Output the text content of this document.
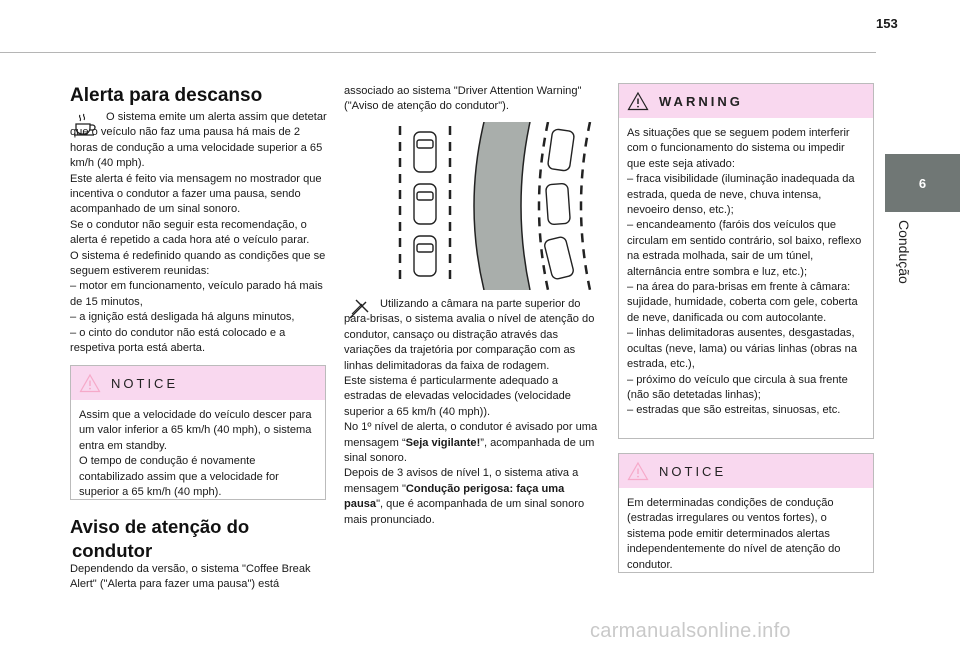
153
6
Condução
Alerta para descanso

O sistema emite um alerta assim que detetar que o veículo não faz uma pausa há mais de 2 horas de condução a uma velocidade superior a 65 km/h (40 mph).

Este alerta é feito via mensagem no mostrador que incentiva o condutor a fazer uma pausa, sendo acompanhado de um sinal sonoro.

Se o condutor não seguir esta recomendação, o alerta é repetido a cada hora até o veículo parar.

O sistema é redefinido quando as condições que se seguem estiverem reunidas:

– motor em funcionamento, veículo parado há mais de 15 minutos,

– a ignição está desligada há alguns minutos,

– o cinto do condutor não está colocado e a respetiva porta está aberta.

NOTICE

Assim que a velocidade do veículo descer para um valor inferior a 65 km/h (40 mph), o sistema entra em standby.

O tempo de condução é novamente contabilizado assim que a velocidade for superior a 65 km/h (40 mph).

Aviso de atenção do
condutor
Dependendo da versão, o sistema "Coffee Break Alert" ("Alerta para fazer uma pausa") está
associado ao sistema "Driver Attention Warning" ("Aviso de atenção do condutor").

Utilizando a câmara na parte superior do para-brisas, o sistema avalia o nível de atenção do condutor, cansaço ou distração através das variações da trajetória por comparação com as linhas delimitadoras da faixa de rodagem.

Este sistema é particularmente adequado a estradas de elevadas velocidades (velocidade superior a 65 km/h (40 mph)).

No 1º nível de alerta, o condutor é avisado por uma mensagem “Seja vigilante!”, acompanhada de um sinal sonoro.

Depois de 3 avisos de nível 1, o sistema ativa a mensagem "Condução perigosa: faça uma pausa", que é acompanhada de um sinal sonoro mais pronunciado.

WARNING

As situações que se seguem podem interferir com o funcionamento do sistema ou impedir que este seja ativado:

– fraca visibilidade (iluminação inadequada da estrada, queda de neve, chuva intensa, nevoeiro denso, etc.);

– encandeamento (faróis dos veículos que circulam em sentido contrário, sol baixo, reflexo na estrada molhada, sair de um túnel, alternância entre sombra e luz, etc.);

– na área do para-brisas em frente à câmara: sujidade, humidade, coberta com gele, coberta de neve, danificada ou com autocolante.

– linhas delimitadoras ausentes, desgastadas, ocultas (neve, lama) ou várias linhas (obras na estrada, etc.),

– próximo do veículo que circula à sua frente (não são detetadas linhas);

– estradas que são estreitas, sinuosas, etc.

NOTICE

Em determinadas condições de condução (estradas irregulares ou ventos fortes), o sistema pode emitir determinados alertas independentemente do nível de atenção do condutor.

carmanualsonline.info
